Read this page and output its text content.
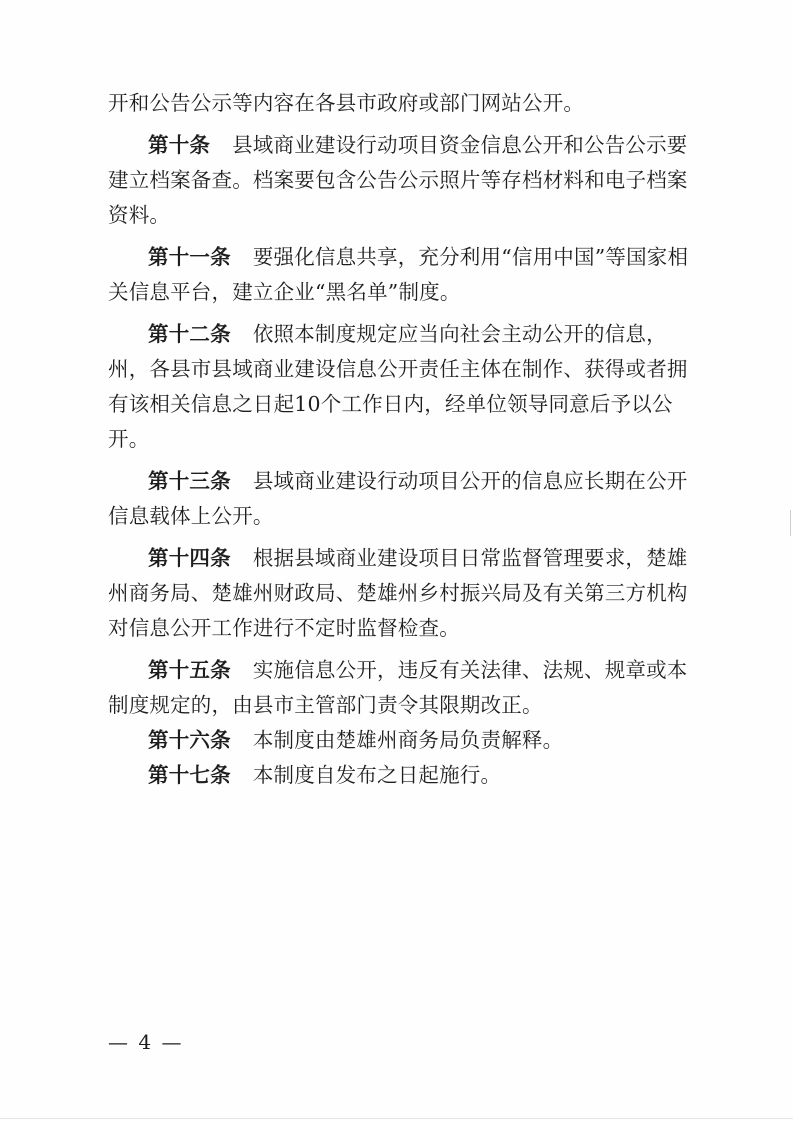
开和公告公示等内容在各县市政府或部门网站公开。

第十条 县域商业建设行动项目资金信息公开和公告公示要建立档案备查。档案要包含公告公示照片等存档材料和电子档案资料。

第十一条 要强化信息共享，充分利用“信用中国”等国家相关信息平台，建立企业“黑名单”制度。

第十二条 依照本制度规定应当向社会主动公开的信息，州，各县市县域商业建设信息公开责任主体在制作、获得或者拥有该相关信息之日起10个工作日内，经单位领导同意后予以公开。

第十三条 县域商业建设行动项目公开的信息应长期在公开信息载体上公开。

第十四条 根据县域商业建设项目日常监督管理要求，楚雄州商务局、楚雄州财政局、楚雄州乡村振兴局及有关第三方机构对信息公开工作进行不定时监督检查。

第十五条 实施信息公开，违反有关法律、法规、规章或本制度规定的，由县市主管部门责令其限期改正。

第十六条 本制度由楚雄州商务局负责解释。

第十七条 本制度自发布之日起施行。

— 4 —
